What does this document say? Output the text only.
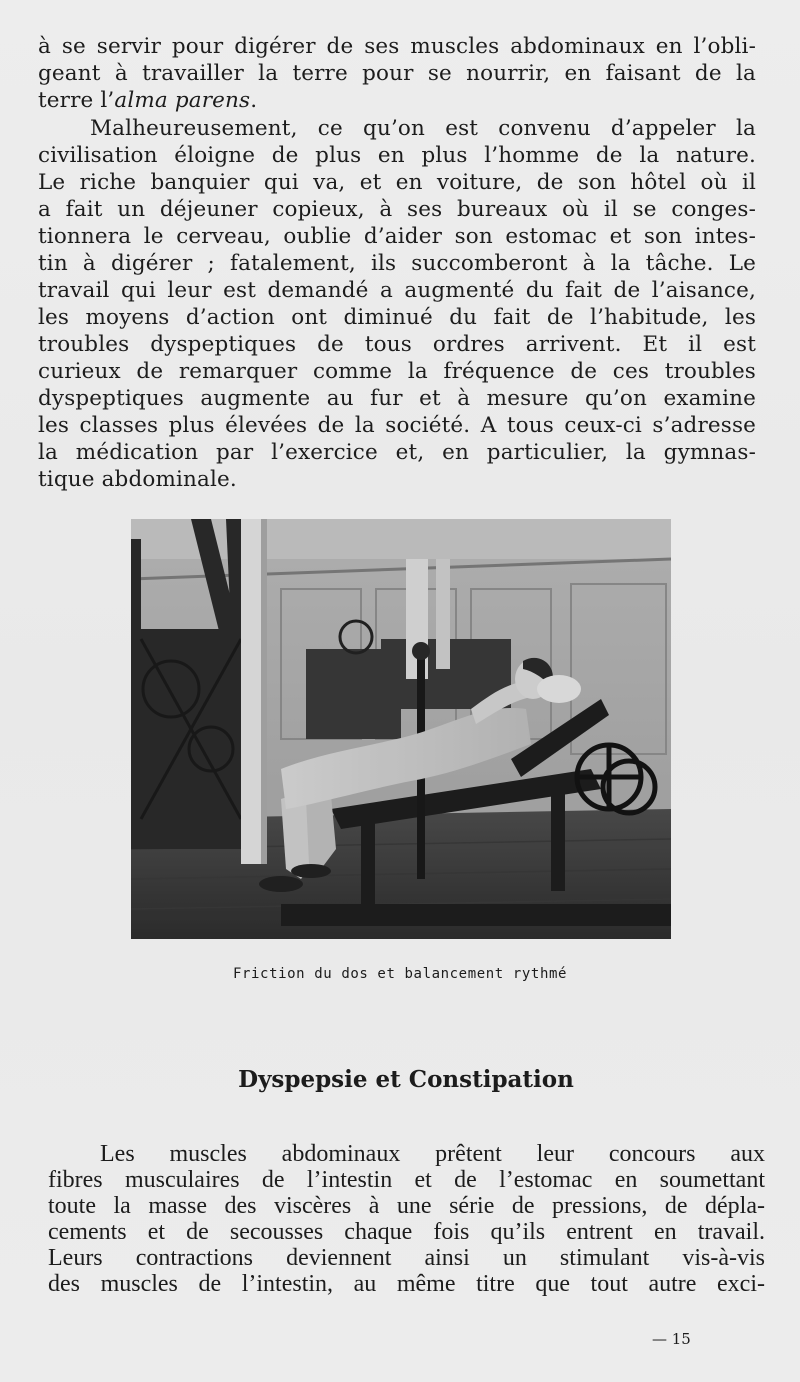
à se servir pour digérer de ses muscles abdominaux en l’obli-
geant à travailler la terre pour se nourrir, en faisant de la
terre l’alma parens.

Malheureusement, ce qu’on est convenu d’appeler la
civilisation éloigne de plus en plus l’homme de la nature.
Le riche banquier qui va, et en voiture, de son hôtel où il
a fait un déjeuner copieux, à ses bureaux où il se conges-
tionnera le cerveau, oublie d’aider son estomac et son intes-
tin à digérer ; fatalement, ils succomberont à la tâche. Le
travail qui leur est demandé a augmenté du fait de l’aisance,
les moyens d’action ont diminué du fait de l’habitude, les
troubles dyspeptiques de tous ordres arrivent. Et il est
curieux de remarquer comme la fréquence de ces troubles
dyspeptiques augmente au fur et à mesure qu’on examine
les classes plus élevées de la société. A tous ceux-ci s’adresse
la médication par l’exercice et, en particulier, la gymnas-
tique abdominale.

Friction du dos et balancement rythmé

Dyspepsie et Constipation

Les muscles abdominaux prêtent leur concours aux
fibres musculaires de l’intestin et de l’estomac en soumettant
toute la masse des viscères à une série de pressions, de dépla-
cements et de secousses chaque fois qu’ils entrent en travail.
Leurs contractions deviennent ainsi un stimulant vis-à-vis
des muscles de l’intestin, au même titre que tout autre exci-

— 15
